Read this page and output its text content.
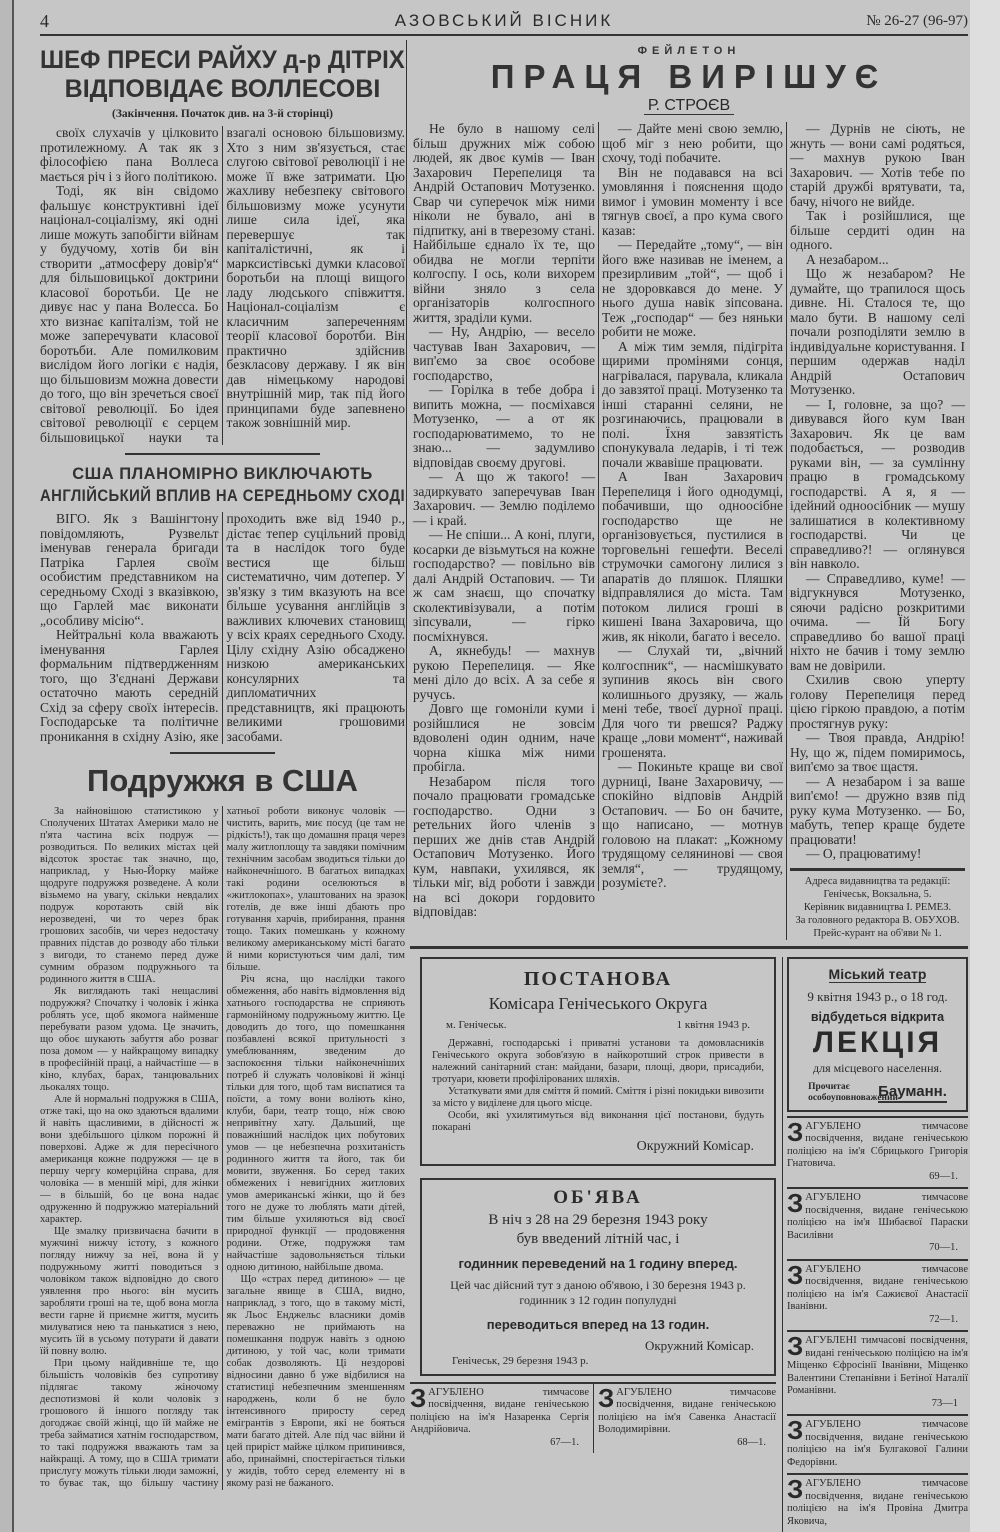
4	АЗОВСЬКИЙ ВІСНИК	№ 26-27 (96-97)
ШЕФ ПРЕСИ РАЙХУ д-р ДІТРІХ
ВІДПОВІДАЄ ВОЛЛЕСОВІ
(Закінчення. Початок див. на 3-й сторінці)

своїх слухачів у цілковито протилежному. А так як з філософією пана Воллеса мається річ і з його політикою.

Тоді, як він свідомо фальшує конструктивні ідеї націонал-соціалізму, які одні лише можуть запобігти війнам у будучому, хотів би він створити „атмосферу довір'я“ для більшовицької доктрини класової боротьби. Це не дивує нас у пана Волесса. Бо хто визнає капіталізм, той не може заперечувати класової боротьби. Але помилковим вислідом його логіки є надія, що більшовизм можна довести до того, що він зречеться своєї світової революції. Бо ідея світової революції є серцем більшовицької науки та взагалі основою більшовизму. Хто з ним зв'язується, стає слугою світової революції і не може її вже затримати. Цю жахливу небезпеку світового більшовизму може усунути лише сила ідеї, яка перевершує так капіталістичні, як і марксистівські думки класової боротьби на площі вищого ладу людського співжиття. Націонал-соціалізм є класичним запереченням теорії класової боротби. Він практично здійснив безкласову державу. І як він дав німецькому народові внутрішній мир, так під його принципами буде запевнено також зовнішній мир.

США ПЛАНОМІРНО ВИКЛЮЧАЮТЬ
АНГЛІЙСЬКИЙ ВПЛИВ НА СЕРЕДНЬОМУ СХОДІ

ВІГО. Як з Вашінгтону повідомляють, Рузвельт іменував генерала бригади Патріка Гарлея своїм особистим представником на середньому Сході з вказівкою, що Гарлей має виконати „особливу місію“.

Нейтральні кола вважають іменування Гарлея формальним підтвердженням того, що З'єднані Держави остаточно мають середній Схід за сферу своїх інтересів. Господарське та політичне проникання в східну Азію, яке проходить вже від 1940 р., дістає тепер суцільний провід та в наслідок того буде вестися ще більш систематично, чим дотепер. У зв'язку з тим вказують на все більше усування англійців з важливих ключевих становищ у всіх краях середнього Сходу. Цілу східну Азію обсаджено низкою американських консулярних та дипломатичних представництв, які працюють великими грошовими засобами.

Подружжя в США

За найновішою статистикою у Сполучених Штатах Америки мало не п'ята частина всіх подруж — розводиться. По великих містах цей відсоток зростає так значно, що, наприклад, у Нью-Йорку майже щодруге подружжя розведене. А коли візьмемо на увагу, скільки невдалих подруж коротають свій вік нерозведені, чи то через брак грошових засобів, чи через недостачу правних підстав до розводу або тільки з вигоди, то станемо перед дуже сумним образом подружнього та родинного життя в США.

Як виглядають такі нещасливі подружжя? Спочатку і чоловік і жінка роблять усе, щоб якомога найменше перебувати разом удома. Це значить, що обоє шукають забуття або розваг поза домом — у найкращому випадку в професійній праці, а найчастіше — в кіно, клубах, барах, танцювальних льокалях тощо.

Але й нормальні подружжя в США, отже такі, що на око здаються вдалими й навіть щасливими, в дійсності ж вони здебільшого цілком порожні й поверхові. Адже ж для пересічного американця кожне подружжя — це в першу чергу комерційна справа, для чоловіка — в меншій мірі, для жінки — в більшій, бо це вона надає одруженню й подружжю матеріальний характер.

Ще змалку призвичаєна бачити в мужчині нижчу істоту, з кожного погляду нижчу за неї, вона й у подружньому житті поводиться з чоловіком також відповідно до свого уявлення про нього: він мусить заробляти гроші на те, щоб вона могла вести гарне й приємне життя, мусить милуватися нею та панькатися з нею, мусить їй в усьому потурати й давати їй повну волю.

При цьому найдивніше те, що більшість чоловіків без супротиву підлягає такому жіночому деспотизмові й коли чоловік з грошового й іншого погляду так догоджає своїй жінці, що їй майже не треба займатися хатнім господарством, то такі подружжя вважають там за найкращі. А тому, що в США тримати прислугу можуть тільки люди заможні, то буває так, що більшу частину хатньої роботи виконує чоловік — чистить, варить, миє посуд (це там не рідкість!), так що домашня праця через малу житлоплощу та завдяки помічним технічним засобам зводиться тільки до найконечнішого. В багатьох випадках такі родини оселюються в «житлокопах», улаштованих на зразок готелів, де вже інші дбають про готування харчів, прибирання, прання тощо. Таких помешкань у кожному великому американському місті багато й ними користуються чим далі, тим більше.

Річ ясна, що наслідки такого обмеження, або навіть відмовлення від хатнього господарства не сприяють гармонійному подружньому життю. Це доводить до того, що помешкання позбавлені всякої притульності з умеблюванням, зведеним до заспокоєння тільки найконечніших потреб й служать чоловікові й жінці тільки для того, щоб там виспатися та поїсти, а тому вони воліють кіно, клуби, бари, театр тощо, ніж свою непривітну хату. Дальший, ще поважніший наслідок цих побутових умов — це небезпечна розхитаність родинного життя та його, так би мовити, звуження. Бо серед таких обмежених і невигідних житлових умов американські жінки, що й без того не дуже то люблять мати дітей, тим більше ухиляються від своєї природної функції — продовження родини. Отже, подружжя там найчастіше задовольняється тільки одною дитиною, найбільше двома.

Що «страх перед дитиною» — це загальне явище в США, видно, наприклад, з того, що в такому місті, як Льос Енджельс власники домів переважно не приймають на помешкання подруж навіть з одною дитиною, у той час, коли тримати собак дозволяють. Ці нездорові відносини давно б уже відбилися на статистиці небезпечним зменшенням народжень, коли б не було інтенсивного приросту серед емігрантів з Европи, які не бояться мати багато дітей. Але під час війни й цей приріст майже цілком припинився, або, принаймні, спостерігається тільки у жидів, тобто серед елементу ні в якому разі не бажаного.

ФЕЙЛЕТОН
ПРАЦЯ ВИРІШУЄ
Р. СТРОЄВ

Не було в нашому селі більш дружних між собою людей, як двоє кумів — Іван Захарович Перепелиця та Андрій Остапович Мотузенко. Свар чи суперечок між ними ніколи не бувало, ані в підпитку, ані в тверезому стані. Найбільше єднало їх те, що обидва не могли терпіти колгоспу. І ось, коли вихорем війни зняло з села організаторів колгоспного життя, зраділи куми.

— Ну, Андрію, — весело частував Іван Захарович, — вип'ємо за своє особове господарство,

— Горілка в тебе добра і випить можна, — посміхався Мотузенко, — а от як господарюватимемо, то не знаю... — задумливо відповідав своєму другові.

— А що ж такого! — задиркувато заперечував Іван Захарович. — Землю поділемо — і край.

— Не спіши... А коні, плуги, косарки де візьмуться на кожне господарство? — повільно вів далі Андрій Остапович. — Ти ж сам знаєш, що спочатку сколективізували, а потім зіпсували, — гірко посміхнувся.

А, якнебудь! — махнув рукою Перепелиця. — Яке мені діло до всіх. А за себе я ручусь.

Довго ще гомоніли куми і розійшлися не зовсім вдоволені один одним, наче чорна кішка між ними пробігла.

Незабаром після того почало працювати громадське господарство. Одни з ретельних його членів з перших же днів став Андрій Остапович Мотузенко. Його кум, навпаки, ухилявся, як тільки міг, від роботи і завжди на всі докори гордовито відповідав:

— Дайте мені свою землю, щоб міг з нею робити, що схочу, тоді побачите.

Він не подавався на всі умовляння і пояснення щодо вимог і умовин моменту і все тягнув своєї, а про кума свого казав:

— Передайте „тому“, — він його вже називав не іменем, а презирливим „той“, — щоб і не здоровкався до мене. У нього душа навік зіпсована. Теж „господар“ — без няньки робити не може.

А між тим земля, підігріта щирими промінями сонця, нагрівалася, парувала, кликала до завзятої праці. Мотузенко та інші старанні селяни, не розгинаючись, працювали в полі. Їхня завзятість спонукувала ледарів, і ті теж почали жвавіше працювати.

А Іван Захарович Перепелиця і його однодумці, побачивши, що одноосібне господарство ще не організовується, пустилися в торговельні гешефти. Веселі струмочки самогону лилися з апаратів до пляшок. Пляшки відправлялися до міста. Там потоком лилися гроші в кишені Івана Захаровича, що жив, як ніколи, багато і весело.

— Слухай ти, „вічний колгоспник“, — насмішкувато зупинив якось він свого колишнього друзяку, — жаль мені тебе, твоєї дурної праці. Для чого ти рвешся? Раджу краще „лови момент“, наживай грошенята.

— Покиньте краще ви свої дурниці, Іване Захаровичу, — спокійно відповів Андрій Остапович. — Бо он бачите, що написано, — мотнув головою на плакат: „Кожному трудящому селянинові — своя земля“, — трудящому, розумієте?.

— Дурнів не сіють, не жнуть — вони самі родяться, — махнув рукою Іван Захарович. — Хотів тебе по старій дружбі врятувати, та, бачу, нічого не вийде.

Так і розійшлися, ще більше сердиті один на одного.

А незабаром...

Що ж незабаром? Не думайте, що трапилося щось дивне. Ні. Сталося те, що мало бути. В нашому селі почали розподіляти землю в індивідуальне користування. І першим одержав наділ Андрій Остапович Мотузенко.

— І, головне, за що? — дивувався його кум Іван Захарович. Як це вам подобається, — розводив руками він, — за сумлінну працю в громадському господарстві. А я, я — ідейний одноосібник — мушу залишатися в колективному господарстві. Чи це справедливо?! — оглянувся він навколо.

— Справедливо, куме! — відгукнувся Мотузенко, сяючи радісно розкритими очима. — Їй Богу справедливо бо вашої праці ніхто не бачив і тому землю вам не довірили.

Схилив свою уперту голову Перепелиця перед цією гіркою правдою, а потім простягнув руку:

— Твоя правда, Андрію! Ну, що ж, підем помиримось, вип'ємо за твоє щастя.

— А незабаром і за ваше вип'ємо! — дружно взяв під руку кума Мотузенко. — Бо, мабуть, тепер краще будете працювати!

— О, працюватиму!

Адреса видавництва та редакції:
Генічеськ, Вокзальна, 5.
Керівник видавництва І. РЕМЕЗ.
За головного редактора В. ОБУХОВ.
Прейс-курант на об'яви № 1.
ПОСТАНОВА
Комісара Генічеського Округа
м. Генічеськ.	1 квітня 1943 р.

Державні, господарські і приватні установи та домовласників Генічеського округа зобов'язую в найкоротший строк привести в належний санітарний стан: майдани, базари, площі, двори, присадиби, тротуари, кювети профілірованих шляхів.

Устаткувати ями для сміття й помий. Сміття і різні покидьки вивозити за місто у виділене для цього місце.

Особи, які ухилятимуться від виконання цієї постанови, будуть покарані

Окружний Комісар.
ОБ'ЯВА
В ніч з 28 на 29 березня 1943 року
був введений літній час, і
годинник переведений на 1 годину вперед.
Цей час дійсний тут з даною об'явою, і 30 березня 1943 р. годинник з 12 годин популудні
переводиться вперед на 13 годин.
Окружний Комісар.
Генічеськ, 29 березня 1943 р.
ЗАГУБЛЕНО тимчасове посвідчення, видане генічеською поліцією на ім'я Назаренка Сергія Андрійовича.
67—1.
ЗАГУБЛЕНО тимчасове посвідчення, видане генічеською поліцією на ім'я Савенка Анастасії Володимирівни.
68—1.
Міський театр
9 квітня 1943 р., о 18 год.
відбудеться відкрита
ЛЕКЦІЯ
для місцевого населення.
Прочитає особоуповноважений
Бауманн.
ЗАГУБЛЕНО тимчасове посвідчення, видане генічеською поліцією на ім'я Сбрицького Григорія Гнатовича.
69—1.
ЗАГУБЛЕНО тимчасове посвідчення, видане генічеською поліцією на ім'я Шибаєвої Параски Василівни
70—1.
ЗАГУБЛЕНО тимчасове посвідчення, видане генічеською поліцією на ім'я Сажиєвої Анастасії Іванівни.
72—1.
ЗАГУБЛЕНІ тимчасові посвідчення, видані генічеською поліцією на ім'я Міщенко Єфросінії Іванівни, Міщенко Валентини Степанівни і Бетіної Наталії Романівни.
73—1
ЗАГУБЛЕНО тимчасове посвідчення, видане генічеською поліцією на ім'я Булгакової Галини Федорівни.
ЗАГУБЛЕНО тимчасове посвідчення, видане генічеською поліцією на ім'я Провіна Дмитра Яковича,
